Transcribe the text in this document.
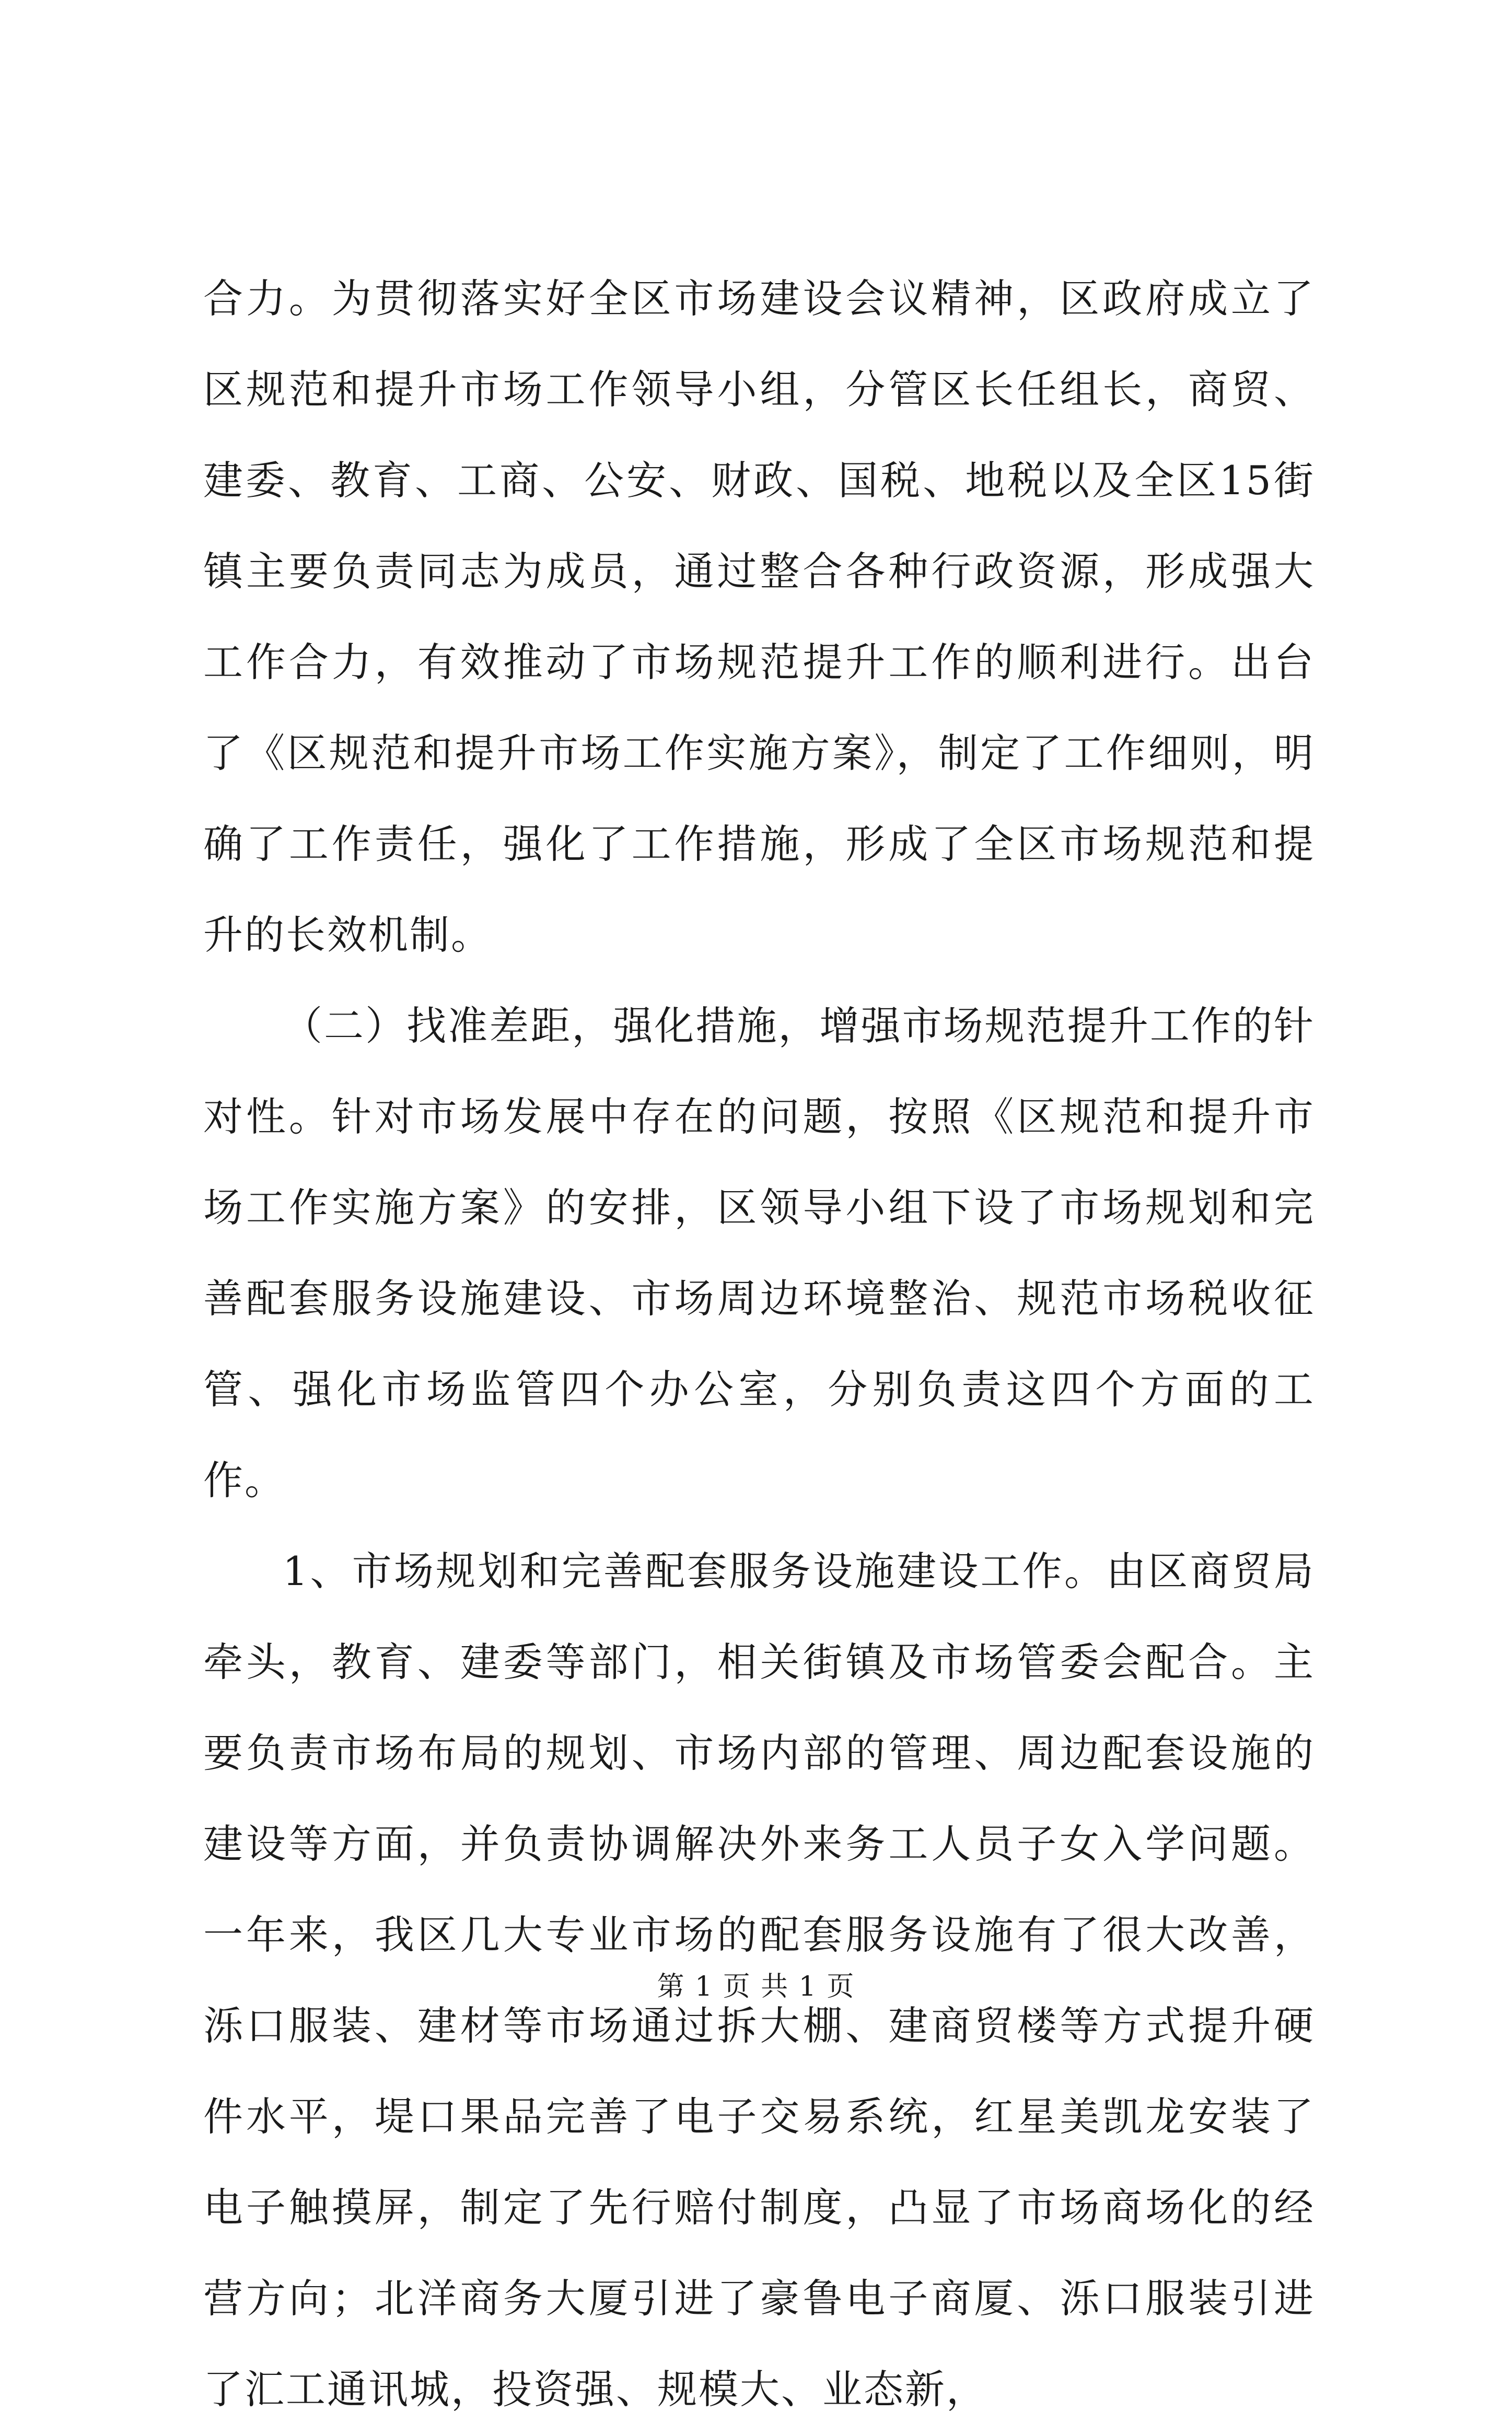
合力。为贯彻落实好全区市场建设会议精神，区政府成立了区规范和提升市场工作领导小组，分管区长任组长，商贸、建委、教育、工商、公安、财政、国税、地税以及全区15街镇主要负责同志为成员，通过整合各种行政资源，形成强大工作合力，有效推动了市场规范提升工作的顺利进行。出台了《区规范和提升市场工作实施方案》，制定了工作细则，明确了工作责任，强化了工作措施，形成了全区市场规范和提升的长效机制。

（二）找准差距，强化措施，增强市场规范提升工作的针对性。针对市场发展中存在的问题，按照《区规范和提升市场工作实施方案》的安排，区领导小组下设了市场规划和完善配套服务设施建设、市场周边环境整治、规范市场税收征管、强化市场监管四个办公室，分别负责这四个方面的工作。

1、市场规划和完善配套服务设施建设工作。由区商贸局牵头，教育、建委等部门，相关街镇及市场管委会配合。主要负责市场布局的规划、市场内部的管理、周边配套设施的建设等方面，并负责协调解决外来务工人员子女入学问题。一年来，我区几大专业市场的配套服务设施有了很大改善，泺口服装、建材等市场通过拆大棚、建商贸楼等方式提升硬件水平，堤口果品完善了电子交易系统，红星美凯龙安装了电子触摸屏，制定了先行赔付制度，凸显了市场商场化的经营方向；北洋商务大厦引进了豪鲁电子商厦、泺口服装引进了汇工通讯城，投资强、规模大、业态新，

第 1 页 共 1 页
